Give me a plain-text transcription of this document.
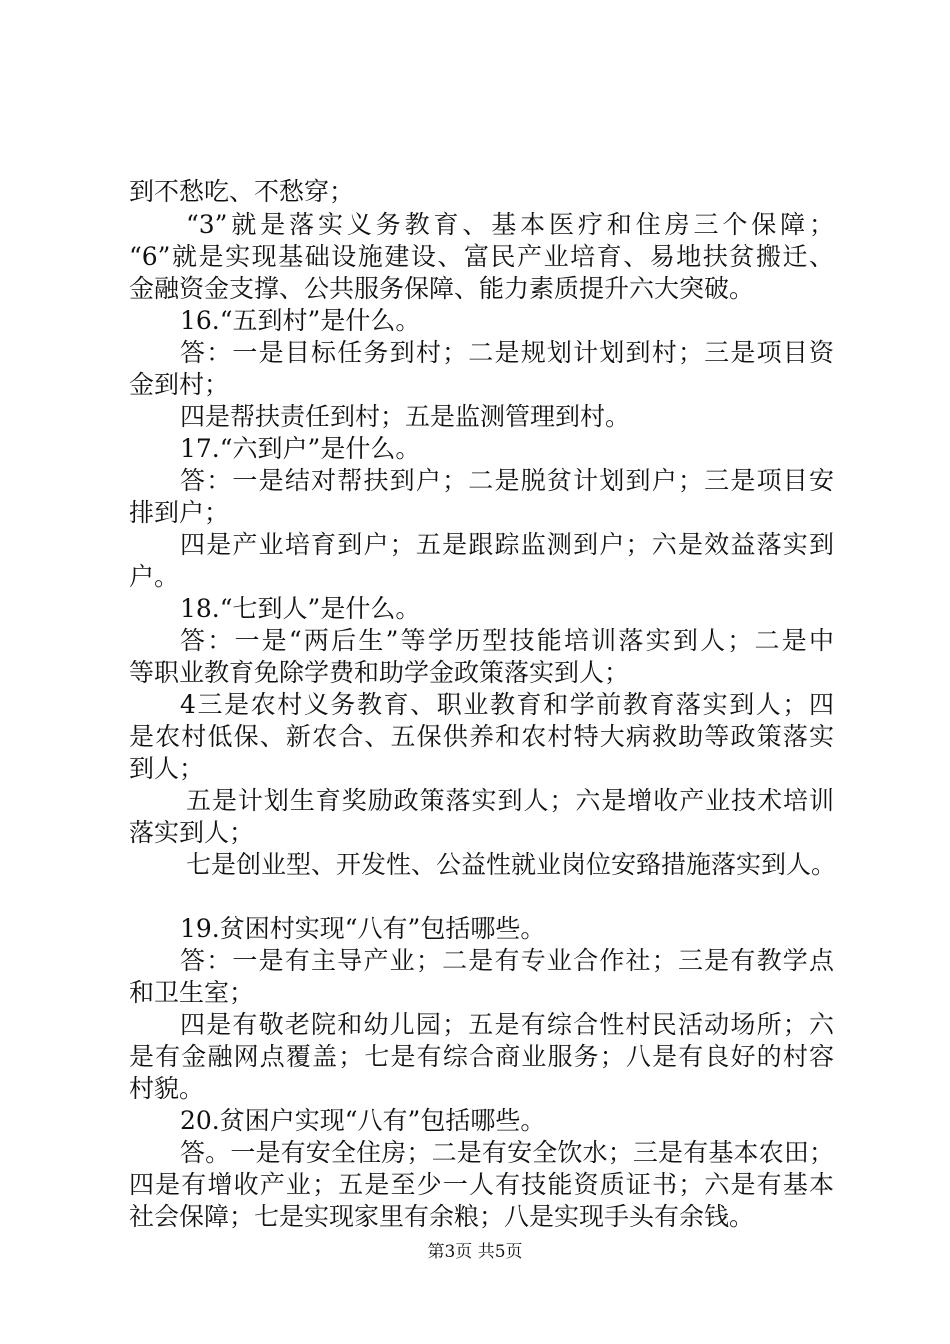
到不愁吃、不愁穿；
“3”就是落实义务教育、基本医疗和住房三个保障；
“6”就是实现基础设施建设、富民产业培育、易地扶贫搬迁、
金融资金支撑、公共服务保障、能力素质提升六大突破。
16.“五到村”是什么。
答：一是目标任务到村；二是规划计划到村；三是项目资
金到村；
四是帮扶责任到村；五是监测管理到村。
17.“六到户”是什么。
答：一是结对帮扶到户；二是脱贫计划到户；三是项目安
排到户；
四是产业培育到户；五是跟踪监测到户；六是效益落实到
户。
18.“七到人”是什么。
答：一是“两后生”等学历型技能培训落实到人；二是中
等职业教育免除学费和助学金政策落实到人；
4三是农村义务教育、职业教育和学前教育落实到人；四
是农村低保、新农合、五保供养和农村特大病救助等政策落实
到人；
五是计划生育奖励政策落实到人；六是增收产业技术培训
落实到人；
七是创业型、开发性、公益性就业岗位安臵措施落实到人。
19.贫困村实现“八有”包括哪些。
答：一是有主导产业；二是有专业合作社；三是有教学点
和卫生室；
四是有敬老院和幼儿园；五是有综合性村民活动场所；六
是有金融网点覆盖；七是有综合商业服务；八是有良好的村容
村貌。
20.贫困户实现“八有”包括哪些。
答。一是有安全住房；二是有安全饮水；三是有基本农田；
四是有增收产业；五是至少一人有技能资质证书；六是有基本
社会保障；七是实现家里有余粮；八是实现手头有余钱。
第3页 共5页
